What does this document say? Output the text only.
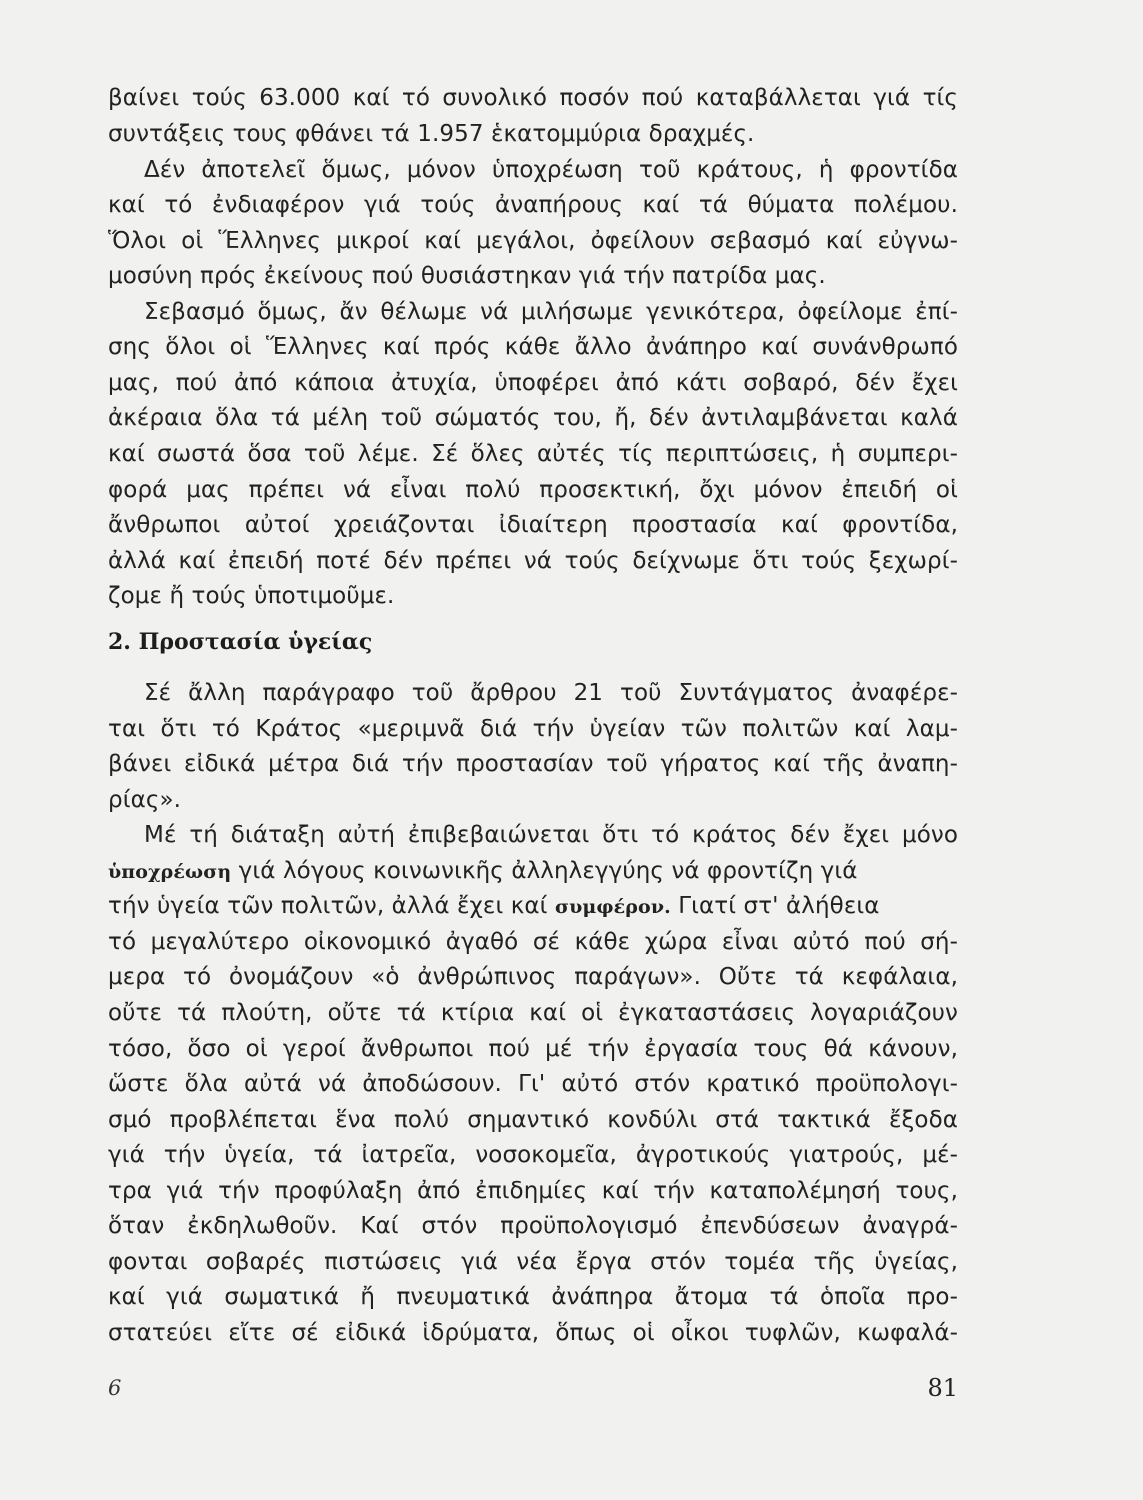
βαίνει τούς 63.000 καί τό συνολικό ποσόν πού καταβάλλεται γιά τίς
συντάξεις τους φθάνει τά 1.957 ἑκατομμύρια δραχμές.
Δέν ἀποτελεῖ ὅμως, μόνον ὑποχρέωση τοῦ κράτους, ἡ φροντίδα
καί τό ἐνδιαφέρον γιά τούς ἀναπήρους καί τά θύματα πολέμου.
Ὅλοι οἱ Ἕλληνες μικροί καί μεγάλοι, ὀφείλουν σεβασμό καί εὐγνω-
μοσύνη πρός ἐκείνους πού θυσιάστηκαν γιά τήν πατρίδα μας.
Σεβασμό ὅμως, ἄν θέλωμε νά μιλήσωμε γενικότερα, ὀφείλομε ἐπί-
σης ὅλοι οἱ Ἕλληνες καί πρός κάθε ἄλλο ἀνάπηρο καί συνάνθρωπό
μας, πού ἀπό κάποια ἀτυχία, ὑποφέρει ἀπό κάτι σοβαρό, δέν ἔχει
ἀκέραια ὅλα τά μέλη τοῦ σώματός του, ἤ, δέν ἀντιλαμβάνεται καλά
καί σωστά ὅσα τοῦ λέμε. Σέ ὅλες αὐτές τίς περιπτώσεις, ἡ συμπερι-
φορά μας πρέπει νά εἶναι πολύ προσεκτική, ὄχι μόνον ἐπειδή οἱ
ἄνθρωποι αὐτοί χρειάζονται ἰδιαίτερη προστασία καί φροντίδα,
ἀλλά καί ἐπειδή ποτέ δέν πρέπει νά τούς δείχνωμε ὅτι τούς ξεχωρί-
ζομε ἤ τούς ὑποτιμοῦμε.
2. Προστασία ὑγείας
Σέ ἄλλη παράγραφο τοῦ ἄρθρου 21 τοῦ Συντάγματος ἀναφέρε-
ται ὅτι τό Κράτος «μεριμνᾶ διά τήν ὑγείαν τῶν πολιτῶν καί λαμ-
βάνει εἰδικά μέτρα διά τήν προστασίαν τοῦ γήρατος καί τῆς ἀναπη-
ρίας».
Μέ τή διάταξη αὐτή ἐπιβεβαιώνεται ὅτι τό κράτος δέν ἔχει μόνο
ὑποχρέωση γιά λόγους κοινωνικῆς ἀλληλεγγύης νά φροντίζη γιά
τήν ὑγεία τῶν πολιτῶν, ἀλλά ἔχει καί συμφέρον. Γιατί στ' ἀλήθεια
τό μεγαλύτερο οἰκονομικό ἀγαθό σέ κάθε χώρα εἶναι αὐτό πού σή-
μερα τό ὀνομάζουν «ὁ ἀνθρώπινος παράγων». Οὔτε τά κεφάλαια,
οὔτε τά πλούτη, οὔτε τά κτίρια καί οἱ ἐγκαταστάσεις λογαριάζουν
τόσο, ὅσο οἱ γεροί ἄνθρωποι πού μέ τήν ἐργασία τους θά κάνουν,
ὥστε ὅλα αὐτά νά ἀποδώσουν. Γι' αὐτό στόν κρατικό προϋπολογι-
σμό προβλέπεται ἕνα πολύ σημαντικό κονδύλι στά τακτικά ἔξοδα
γιά τήν ὑγεία, τά ἰατρεῖα, νοσοκομεῖα, ἀγροτικούς γιατρούς, μέ-
τρα γιά τήν προφύλαξη ἀπό ἐπιδημίες καί τήν καταπολέμησή τους,
ὅταν ἐκδηλωθοῦν. Καί στόν προϋπολογισμό ἐπενδύσεων ἀναγρά-
φονται σοβαρές πιστώσεις γιά νέα ἔργα στόν τομέα τῆς ὑγείας,
καί γιά σωματικά ἤ πνευματικά ἀνάπηρα ἄτομα τά ὁποῖα προ-
στατεύει εἴτε σέ εἰδικά ἱδρύματα, ὅπως οἱ οἶκοι τυφλῶν, κωφαλά-
6	81
